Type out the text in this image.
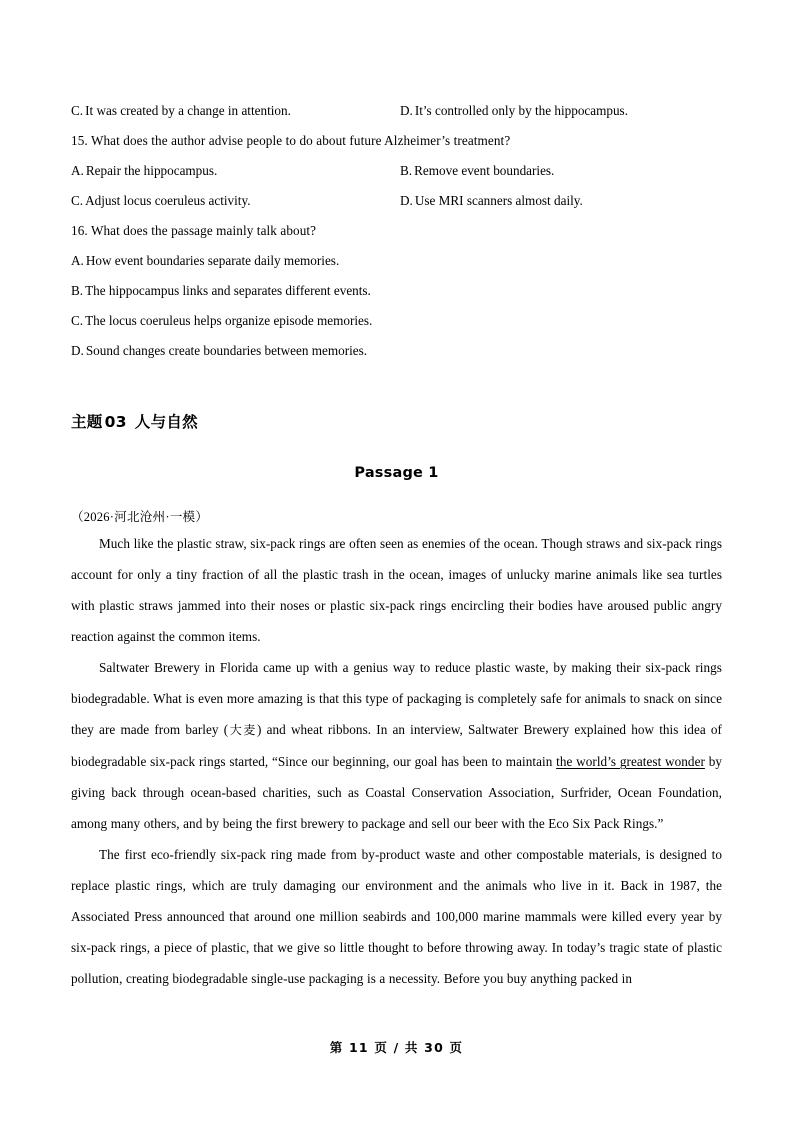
C. It was created by a change in attention.	D. It’s controlled only by the hippocampus.
15. What does the author advise people to do about future Alzheimer’s treatment?
A. Repair the hippocampus.	B. Remove event boundaries.
C. Adjust locus coeruleus activity.	D. Use MRI scanners almost daily.
16. What does the passage mainly talk about?
A. How event boundaries separate daily memories.
B. The hippocampus links and separates different events.
C. The locus coeruleus helps organize episode memories.
D. Sound changes create boundaries between memories.
主题 03 人与自然
Passage 1
（2026·河北沧州·一模）

Much like the plastic straw, six-pack rings are often seen as enemies of the ocean. Though straws and six-pack rings account for only a tiny fraction of all the plastic trash in the ocean, images of unlucky marine animals like sea turtles with plastic straws jammed into their noses or plastic six-pack rings encircling their bodies have aroused public angry reaction against the common items.

Saltwater Brewery in Florida came up with a genius way to reduce plastic waste, by making their six-pack rings biodegradable. What is even more amazing is that this type of packaging is completely safe for animals to snack on since they are made from barley (大麦) and wheat ribbons. In an interview, Saltwater Brewery explained how this idea of biodegradable six-pack rings started, “Since our beginning, our goal has been to maintain the world’s greatest wonder by giving back through ocean-based charities, such as Coastal Conservation Association, Surfrider, Ocean Foundation, among many others, and by being the first brewery to package and sell our beer with the Eco Six Pack Rings.”

The first eco-friendly six-pack ring made from by-product waste and other compostable materials, is designed to replace plastic rings, which are truly damaging our environment and the animals who live in it. Back in 1987, the Associated Press announced that around one million seabirds and 100,000 marine mammals were killed every year by six-pack rings, a piece of plastic, that we give so little thought to before throwing away. In today’s tragic state of plastic pollution, creating biodegradable single-use packaging is a necessity. Before you buy anything packed in

第 11 页 / 共 30 页
